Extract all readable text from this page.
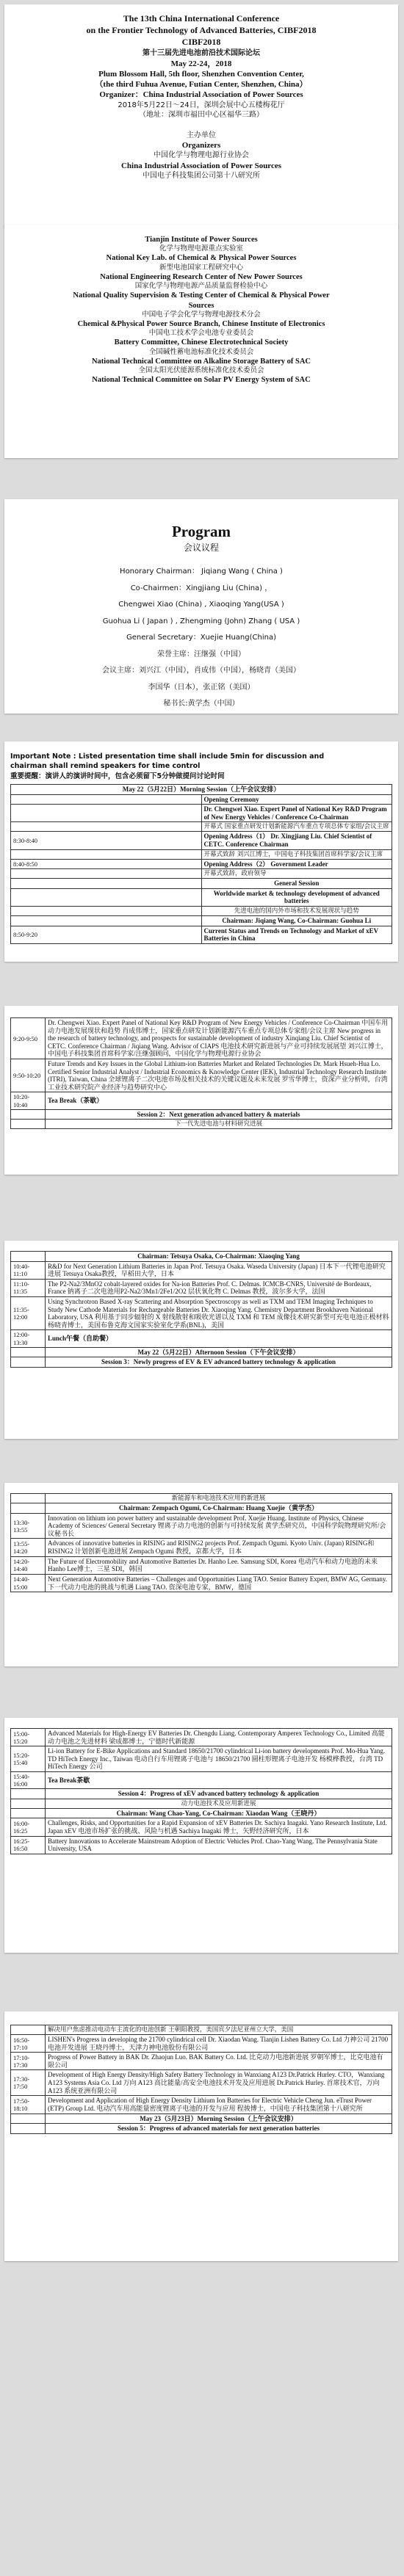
The 13th China International Conference
on the Frontier Technology of Advanced Batteries, CIBF2018
CIBF2018
第十三届先进电池前沿技术国际论坛
May 22-24，2018
Plum Blossom Hall, 5th floor, Shenzhen Convention Center,
（the third Fuhua Avenue, Futian Center, Shenzhen, China）
Organizer：China Industrial Association of Power Sources
2018年5月22日～24日，深圳会展中心五楼梅花厅
（地址：深圳市福田中心区福华三路）
主办单位
Organizers
中国化学与物理电源行业协会
China Industrial Association of Power Sources
中国电子科技集团公司第十八研究所
Tianjin Institute of Power Sources
化学与物理电源重点实验室
National Key Lab. of Chemical & Physical Power Sources
新型电池国家工程研究中心
National Engineering Research Center of New Power Sources
国家化学与物理电源产品质量监督检验中心
National Quality Supervision & Testing Center of Chemical & Physical Power
Sources
中国电子学会化学与物理电源技术分会
Chemical &Physical Power Source Branch, Chinese Institute of Electronics
中国电工技术学会电池专业委员会
Battery Committee, Chinese Electrotechnical Society
全国碱性蓄电池标准化技术委员会
National Technical Committee on Alkaline Storage Battery of SAC
全国太阳光伏能源系统标准化技术委员会
National Technical Committee on Solar PV Energy System of SAC
Program
会议议程
Honorary Chairman： Jiqiang Wang ( China )
Co-Chairmen：Xingjiang Liu (China) ，
Chengwei Xiao (China) , Xiaoqing Yang(USA )
Guohua Li ( Japan ) , Zhengming (John) Zhang ( USA )
General Secretary：Xuejie Huang(China)
荣誉主席：汪继强（中国）
会议主席：刘兴江（中国），肖成伟（中国），杨晓青（美国）
李国华（日本），张正铭（美国）
秘书长:黄学杰（中国）
Important Note : Listed presentation time shall include 5min for discussion and
chairman shall remind speakers for time control
重要提醒：演讲人的演讲时间中，包含必须留下5分钟做提问讨论时间
May 22（5月22日）Morning Session（上午会议安排）	
	Opening Ceremony
	Dr. Chengwei Xiao. Expert Panel of National Key R&D Program of New Energy Vehicles / Conference Co-Chairman
	开幕式 国家重点研发计划新能源汽车重点专项总体专家组/会议主席
8:30-8:40	Opening Address（1） Dr. Xingjiang Liu. Chief Scientist of CETC. Conference Chairman
	开幕式致辞 刘兴江博士，中国电子科技集团首席科学家/会议主席
8:40-8:50	Opening Address（2） Government Leader
	开幕式致辞，政府领导
	General Session
	Worldwide market & technology development of advanced batteries
	先进电池的国内外市场和技术发展现状与趋势
	Chairman: Jiqiang Wang, Co-Chairman: Guohua Li
8:50-9:20	Current Status and Trends on Technology and Market of xEV Batteries in China
9:20-9:50	Dr. Chengwei Xiao. Expert Panel of National Key R&D Program of New Energy Vehicles / Conference Co-Chairman 中国车用动力电池发展现状和趋势 肖成伟博士，国家重点研发计划新能源汽车重点专项总体专家组/会议主席 New progress in the research of battery technology, and prospects for sustainable development of industry Xinqiang Liu. Chief Scientist of CETC. Conference Chairman / Jiqiang Wang. Advisor of CIAPS 电池技术研究新进展与产业可持续发展展望 刘兴江博士，中国电子科技集团首席科学家/汪继强顾问，中国化学与物理电源行业协会
9:50-10:20	Future Trends and Key Issues in the Global Lithium-ion Batteries Market and Related Technologies Dr. Mark Hsueh-Hua Lo. Certified Senior Industrial Analyst / Industrial Economics & Knowledge Center (IEK), Industrial Technology Research Institute (ITRI), Taiwan, China 全球锂离子二次电池市场及相关技术的关键议题及未来发展 罗雪华博士，资深产业分析师，台湾工业技术研究院产业经济与趋势研究中心
10:20-10:40	Tea Break（茶歇）
	Session 2：Next generation advanced battery & materials
	下一代先进电池与材料研究进展
	Chairman: Tetsuya Osaka, Co-Chairman: Xiaoqing Yang
10:40-11:10	R&D for Next Generation Lithium Batteries in Japan Prof. Tetsuya Osaka. Waseda University (Japan) 日本下一代锂电池研究进展 Tetsuya Osaka教授，早稻田大学，日本
11:10-11:35	The P2-Na2/3MnO2 cobalt-layered oxides for Na-ion Batteries Prof. C. Delmas. ICMCB-CNRS, Université de Bordeaux, France 钠离子二次电池用P2-Na2/3Mn1/2Fe1/2O2 层状氧化物 C. Delmas 教授，波尔多大学，法国
11:35-12:00	Using Synchrotron Based X-ray Scattering and Absorption Spectroscopy as well as TXM and TEM Imaging Techniques to Study New Cathode Materials for Rechargeable Batteries Dr. Xiaoqing Yang. Chemistry Department Brookhaven National Laboratory, USA 利用基于同步辐射的 X 射线散射和吸收光谱以及 TXM 和 TEM 成像技术研究新型可充电电池正极材料 杨晓青博士，美国布鲁克海文国家实验室化学系(BNL)，美国
12:00-13:30	Lunch午餐（自助餐）
	May 22（5月22日）Afternoon Session（下午会议安排）
	Session 3：Newly progress of EV & EV advanced battery technology & application
	新能源车和电池技术应用的新进展
	Chairman: Zempach Ogumi, Co-Chairman: Huang Xuejie（黄学杰）
13:30-13:55	Innovation on lithium ion power battery and sustainable development Prof. Xuejie Huang. Institute of Physics, Chinese Academy of Sciences/ General Secretary 锂离子动力电池的创新与可持续发展 黄学杰研究员，中国科学院物理研究所/会议秘书长
13:55-14:20	Advances of innovative batteries in RISING and RISING2 projects Prof. Zempach Ogumi. Kyoto Univ. (Japan) RISING和RISING2 计划创新电池进展 Zempach Ogumi 教授，京都大学，日本
14:20-14:40	The Future of Electromobility and Automotive Batteries Dr. Hanho Lee. Samsung SDI, Korea 电动汽车和动力电池的未来 Hanho Lee博士，三星 SDI，韩国
14:40-15:00	Next Generation Automotive Batteries – Challenges and Opportunities Liang TAO. Senior Battery Expert, BMW AG, Germany. 下一代动力电池的挑战与机遇 Liang TAO. 资深电池专家，BMW，德国
15:00-15:20	Advanced Materials for High-Energy EV Batteries Dr. Chengdu Liang. Contemporary Amperex Technology Co., Limited 高能动力电池之先进材料 梁成都博士，宁德时代新能源
15:20-15:40	Li-ion Battery for E-Bike Applications and Standard 18650/21700 cylindrical Li-ion battery developments Prof. Mo-Hua Yang. TD HiTech Energy Inc., Taiwan 电动自行车用锂离子电池与 18650/21700 圆柱形锂离子电池开发 杨模桦教授，台湾 TD HiTech Energy 公司
15:40-16:00	Tea Break茶歇
	Session 4：Progress of xEV advanced battery technology & application
	动力电池技术及应用新进展
	Chairman: Wang Chao-Yang, Co-Chairman: Xiaodan Wang（王晓丹）
16:00-16:25	Challenges, Risks, and Opportunities for a Rapid Expansion of xEV Batteries Dr. Sachiya Inagaki. Yano Research Institute, Ltd. Japan xEV 电池市场扩张的挑战、风险与机遇 Sachiya Inagaki 博士，矢野经济研究所，日本
16:25-16:50	Battery Innovations to Accelerate Mainstream Adoption of Electric Vehicles Prof. Chao-Yang Wang. The Pennsylvania State University, USA
	解决用户焦虑推动电动车主流化的电池创新 王朝阳教授，美国宾夕法尼亚州立大学，美国
16:50-17:10	LISHEN's Progress in developing the 21700 cylindrical cell Dr. Xiaodan Wang. Tianjin Lishen Battery Co. Ltd 力神公司 21700 电池开发进展 王晓丹博士，天津力神电池股份有限公司
17:10-17:30	Progress of Power Battery in BAK Dr. Zhaojun Luo. BAK Battery Co. Ltd. 比克动力电池新进展 罗朝军博士，比克电池有限公司
17:30-17:50	Development of High Energy Density/High Safety Battery Technology in Wanxiang A123 Dr.Patrick Hurley. CTO，Wanxiang A123 Systems Asia Co. Ltd 万向 A123 高比能量/高安全电池技术开发及应用进展 Dr.Patrick Hurley. 首席技术官，万向 A123 系统亚洲有限公司
17:50-18:10	Development and Application of High Energy Density Lithium Ion Batteries for Electric Vehicle Cheng Jun. eTrust Power (ETP) Group Ltd. 电动汽车用高能量密度锂离子电池的开发与应用 程骏博士，中国电子科技集团第十八研究所
	May 23（5月23日）Morning Session（上午会议安排）
	Session 5：Progress of advanced materials for next generation batteries
